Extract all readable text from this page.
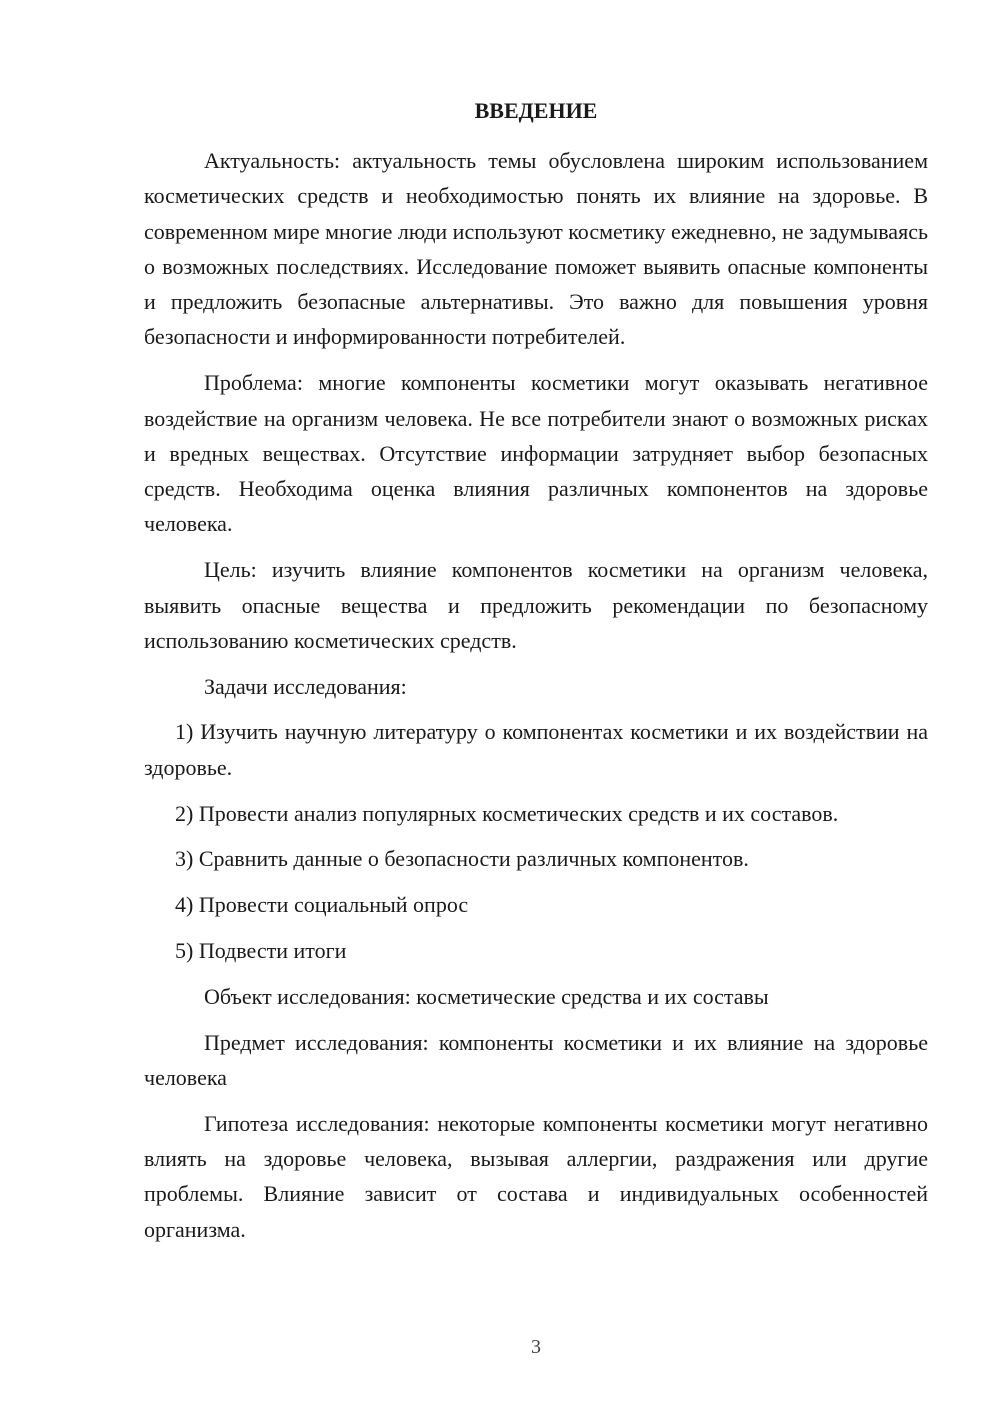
ВВЕДЕНИЕ

Актуальность: актуальность темы обусловлена широким использованием косметических средств и необходимостью понять их влияние на здоровье. В современном мире многие люди используют косметику ежедневно, не задумываясь о возможных последствиях. Исследование поможет выявить опасные компоненты и предложить безопасные альтернативы. Это важно для повышения уровня безопасности и информированности потребителей.

Проблема: многие компоненты косметики могут оказывать негативное воздействие на организм человека. Не все потребители знают о возможных рисках и вредных веществах. Отсутствие информации затрудняет выбор безопасных средств. Необходима оценка влияния различных компонентов на здоровье человека.

Цель: изучить влияние компонентов косметики на организм человека, выявить опасные вещества и предложить рекомендации по безопасному использованию косметических средств.

Задачи исследования:

1) Изучить научную литературу о компонентах косметики и их воздействии на здоровье.

2) Провести анализ популярных косметических средств и их составов.

3) Сравнить данные о безопасности различных компонентов.

4) Провести социальный опрос

5) Подвести итоги

Объект исследования: косметические средства и их составы

Предмет исследования: компоненты косметики и их влияние на здоровье человека

Гипотеза исследования: некоторые компоненты косметики могут негативно влиять на здоровье человека, вызывая аллергии, раздражения или другие проблемы. Влияние зависит от состава и индивидуальных особенностей организма.

3
